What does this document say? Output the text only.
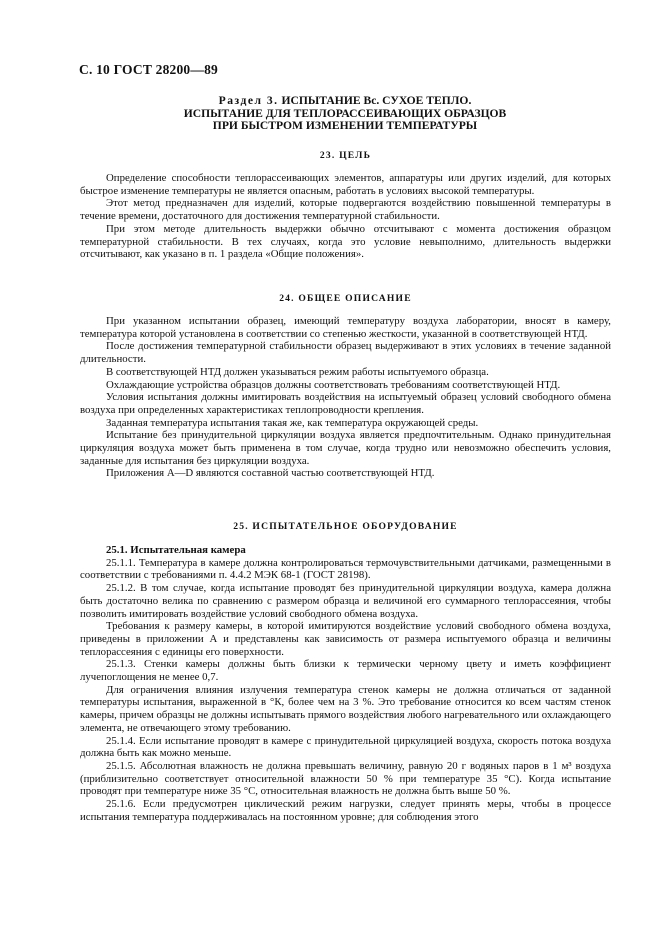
С. 10 ГОСТ 28200—89
Раздел 3. ИСПЫТАНИЕ Вс. СУХОЕ ТЕПЛО.
ИСПЫТАНИЕ ДЛЯ ТЕПЛОРАССЕИВАЮЩИХ ОБРАЗЦОВ
ПРИ БЫСТРОМ ИЗМЕНЕНИИ ТЕМПЕРАТУРЫ
23. ЦЕЛЬ

Определение способности теплорассеивающих элементов, аппаратуры или других изделий, для которых быстрое изменение температуры не является опасным, работать в условиях высокой температуры.

Этот метод предназначен для изделий, которые подвергаются воздействию повышенной температуры в течение времени, достаточного для достижения температурной стабильности.

При этом методе длительность выдержки обычно отсчитывают с момента достижения образцом температурной стабильности. В тех случаях, когда это условие невыполнимо, длительность выдержки отсчитывают, как указано в п. 1 раздела «Общие положения».

24. ОБЩЕЕ ОПИСАНИЕ

При указанном испытании образец, имеющий температуру воздуха лаборатории, вносят в камеру, температура которой установлена в соответствии со степенью жесткости, указанной в соответствующей НТД.

После достижения температурной стабильности образец выдерживают в этих условиях в течение заданной длительности.

В соответствующей НТД должен указываться режим работы испытуемого образца.

Охлаждающие устройства образцов должны соответствовать требованиям соответствующей НТД.

Условия испытания должны имитировать воздействия на испытуемый образец условий свободного обмена воздуха при определенных характеристиках теплопроводности крепления.

Заданная температура испытания такая же, как температура окружающей среды.

Испытание без принудительной циркуляции воздуха является предпочтительным. Однако принудительная циркуляция воздуха может быть применена в том случае, когда трудно или невозможно обеспечить условия, заданные для испытания без циркуляции воздуха.

Приложения A—D являются составной частью соответствующей НТД.

25. ИСПЫТАТЕЛЬНОЕ ОБОРУДОВАНИЕ

25.1. Испытательная камера

25.1.1. Температура в камере должна контролироваться термочувствительными датчиками, размещенными в соответствии с требованиями п. 4.4.2 МЭК 68-1 (ГОСТ 28198).

25.1.2. В том случае, когда испытание проводят без принудительной циркуляции воздуха, камера должна быть достаточно велика по сравнению с размером образца и величиной его суммарного теплорассеяния, чтобы позволить имитировать воздействие условий свободного обмена воздуха.

Требования к размеру камеры, в которой имитируются воздействие условий свободного обмена воздуха, приведены в приложении А и представлены как зависимость от размера испытуемого образца и величины теплорассеяния с единицы его поверхности.

25.1.3. Стенки камеры должны быть близки к термически черному цвету и иметь коэффициент лучепоглощения не менее 0,7.

Для ограничения влияния излучения температура стенок камеры не должна отличаться от заданной температуры испытания, выраженной в °К, более чем на 3 %. Это требование относится ко всем частям стенок камеры, причем образцы не должны испытывать прямого воздействия любого нагревательного или охлаждающего элемента, не отвечающего этому требованию.

25.1.4. Если испытание проводят в камере с принудительной циркуляцией воздуха, скорость потока воздуха должна быть как можно меньше.

25.1.5. Абсолютная влажность не должна превышать величину, равную 20 г водяных паров в 1 м³ воздуха (приблизительно соответствует относительной влажности 50 % при температуре 35 °С). Когда испытание проводят при температуре ниже 35 °С, относительная влажность не должна быть выше 50 %.

25.1.6. Если предусмотрен циклический режим нагрузки, следует принять меры, чтобы в процессе испытания температура поддерживалась на постоянном уровне; для соблюдения этого
